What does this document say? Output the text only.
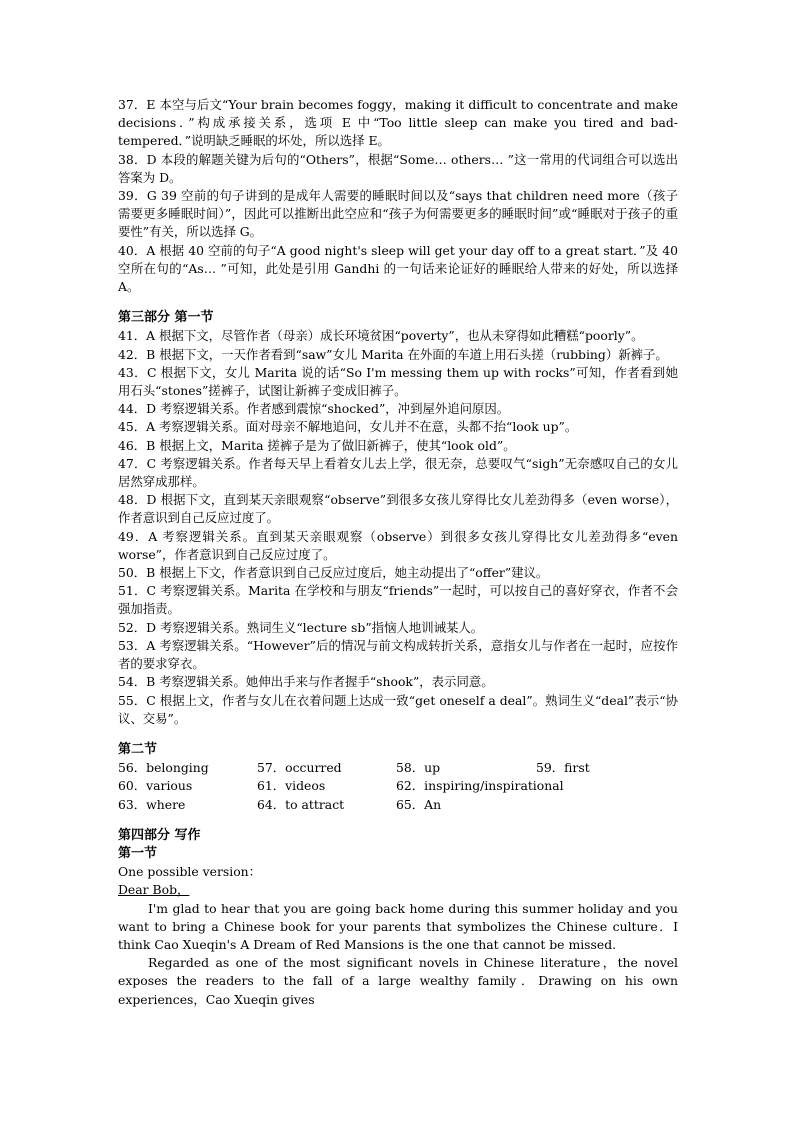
37．E 本空与后文“Your brain becomes foggy，making it difficult to concentrate and make decisions．”构成承接关系，选项 E 中“Too little sleep can make you tired and bad-tempered．”说明缺乏睡眠的坏处，所以选择 E。

38．D 本段的解题关键为后句的“Others”，根据“Some… others… ”这一常用的代词组合可以选出答案为 D。

39．G 39 空前的句子讲到的是成年人需要的睡眠时间以及“says that children need more（孩子需要更多睡眠时间）”，因此可以推断出此空应和“孩子为何需要更多的睡眠时间”或“睡眠对于孩子的重要性”有关，所以选择 G。

40．A 根据 40 空前的句子“A good night's sleep will get your day off to a great start．”及 40 空所在句的“As… ”可知，此处是引用 Gandhi 的一句话来论证好的睡眠给人带来的好处，所以选择 A。

第三部分 第一节

41．A 根据下文，尽管作者（母亲）成长环境贫困“poverty”，也从未穿得如此糟糕“poorly”。

42．B 根据下文，一天作者看到“saw”女儿 Marita 在外面的车道上用石头搓（rubbing）新裤子。

43．C 根据下文，女儿 Marita 说的话“So I'm messing them up with rocks”可知，作者看到她用石头“stones”搓裤子，试图让新裤子变成旧裤子。

44．D 考察逻辑关系。作者感到震惊“shocked”，冲到屋外追问原因。

45．A 考察逻辑关系。面对母亲不解地追问，女儿并不在意，头都不抬“look up”。

46．B 根据上文，Marita 搓裤子是为了做旧新裤子，使其“look old”。

47．C 考察逻辑关系。作者每天早上看着女儿去上学，很无奈，总要叹气“sigh”无奈感叹自己的女儿居然穿成那样。

48．D 根据下文，直到某天亲眼观察“observe”到很多女孩儿穿得比女儿差劲得多（even worse），作者意识到自己反应过度了。

49．A 考察逻辑关系。直到某天亲眼观察（observe）到很多女孩儿穿得比女儿差劲得多“even worse”，作者意识到自己反应过度了。

50．B 根据上下文，作者意识到自己反应过度后，她主动提出了“offer”建议。

51．C 考察逻辑关系。Marita 在学校和与朋友“friends”一起时，可以按自己的喜好穿衣，作者不会强加指责。

52．D 考察逻辑关系。熟词生义“lecture sb”指恼人地训诫某人。

53．A 考察逻辑关系。“However”后的情况与前文构成转折关系，意指女儿与作者在一起时，应按作者的要求穿衣。

54．B 考察逻辑关系。她伸出手来与作者握手“shook”，表示同意。

55．C 根据上文，作者与女儿在衣着问题上达成一致“get oneself a deal”。熟词生义“deal”表示“协议、交易”。

第二节

56．belonging	57．occurred	58．up	59．first
60．various	61．videos	62．inspiring/inspirational
63．where	64．to attract	65．An

第四部分 写作

第一节

One possible version：

Dear Bob，

I'm glad to hear that you are going back home during this summer holiday and you want to bring a Chinese book for your parents that symbolizes the Chinese culture．I think Cao Xueqin's A Dream of Red Mansions is the one that cannot be missed.

Regarded as one of the most significant novels in Chinese literature，the novel exposes the readers to the fall of a large wealthy family．Drawing on his own experiences，Cao Xueqin gives
